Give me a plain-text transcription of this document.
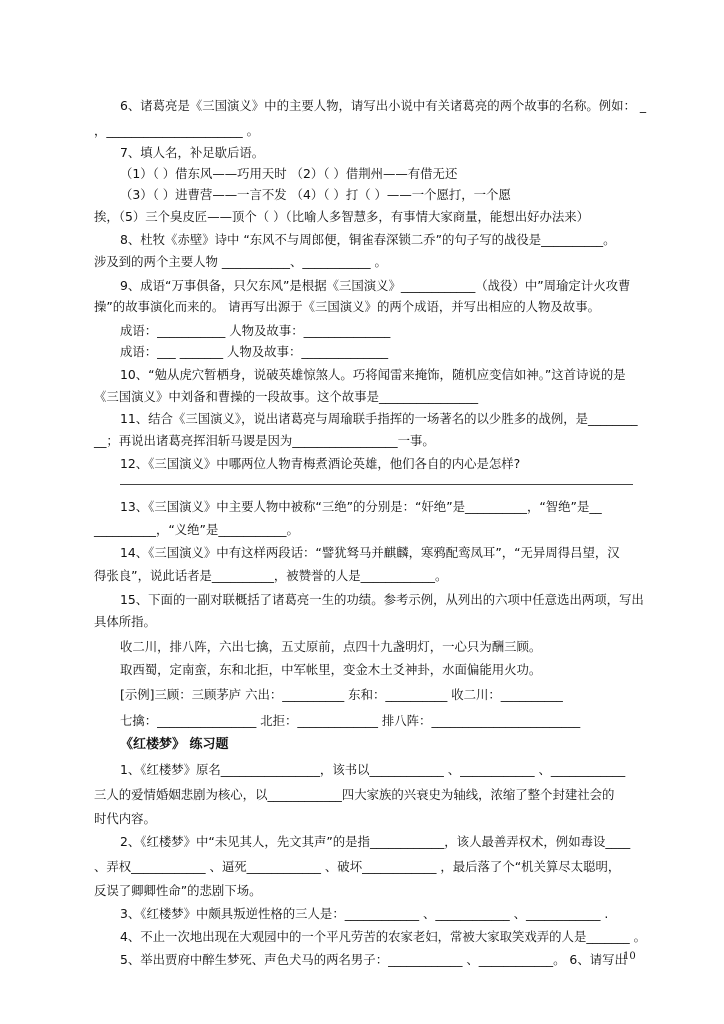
6、诸葛亮是《三国演义》中的主要人物，请写出小说中有关诸葛亮的两个故事的名称。例如： _
，______________________ 。
7、填人名，补足歇后语。
（1）（ ）借东风——巧用天时 （2）（ ）借荆州——有借无还
（3）（ ）进曹营——一言不发 （4）（ ）打（ ）——一个愿打，一个愿
挨，（5）三个臭皮匠——顶个（ ）（比喻人多智慧多，有事情大家商量，能想出好办法来）
8、杜牧《赤壁》诗中 “东风不与周郎便，铜雀春深锁二乔”的句子写的战役是__________。
涉及到的两个主要人物 ___________、___________ 。
9、成语“万事俱备，只欠东风”是根据《三国演义》____________（战役）中”周瑜定计火攻曹
操”的故事演化而来的。 请再写出源于《三国演义》的两个成语，并写出相应的人物及故事。
成语：___________ 人物及故事：______________
成语：___ _______ 人物及故事：______________
10、“勉从虎穴暂栖身，说破英雄惊煞人。巧将闻雷来掩饰，随机应变信如神。”这首诗说的是
《三国演义》中刘备和曹操的一段故事。这个故事是________________
11、结合《三国演义》，说出诸葛亮与周瑜联手指挥的一场著名的以少胜多的战例，是________
__；再说出诸葛亮挥泪斩马谡是因为_________________一事。
12、《三国演义》中哪两位人物青梅煮酒论英雄，他们各自的内心是怎样?
13、《三国演义》中主要人物中被称“三绝”的分别是：“奸绝”是__________，“智绝”是__
__________，“义绝”是___________。
14、《三国演义》中有这样两段话：“譬犹驽马并麒麟，寒鸦配鸾凤耳”，“无异周得吕望，汉
得张良”，说此话者是__________，被赞誉的人是____________。
15、下面的一副对联概括了诸葛亮一生的功绩。参考示例，从列出的六项中任意选出两项，写出
具体所指。
收二川，排八阵，六出七擒，五丈原前，点四十九盏明灯，一心只为酬三顾。
取西蜀，定南蛮，东和北拒，中军帐里，变金木土爻神卦，水面偏能用火功。
[示例]三顾：三顾茅庐 六出：__________ 东和：__________ 收二川：__________
七擒：________________ 北拒：_____________ 排八阵：________________________
《红楼梦》 练习题
1、《红楼梦》原名________________，该书以____________ 、____________ 、____________
三人的爱情婚姻悲剧为核心，以____________四大家族的兴衰史为轴线，浓缩了整个封建社会的
时代内容。
2、《红楼梦》中“未见其人，先文其声”的是指____________，该人最善弄权术，例如毒设____
、弄权____________ 、逼死____________ 、破坏____________ ，最后落了个“机关算尽太聪明，
反误了卿卿性命”的悲剧下场。
3、《红楼梦》中颇具叛逆性格的三人是：____________ 、____________ 、____________ .
4、不止一次地出现在大观园中的一个平凡劳苦的农家老妇，常被大家取笑戏弄的人是_______ 。
5、举出贾府中醉生梦死、声色犬马的两名男子：____________ 、____________。 6、请写出
10
